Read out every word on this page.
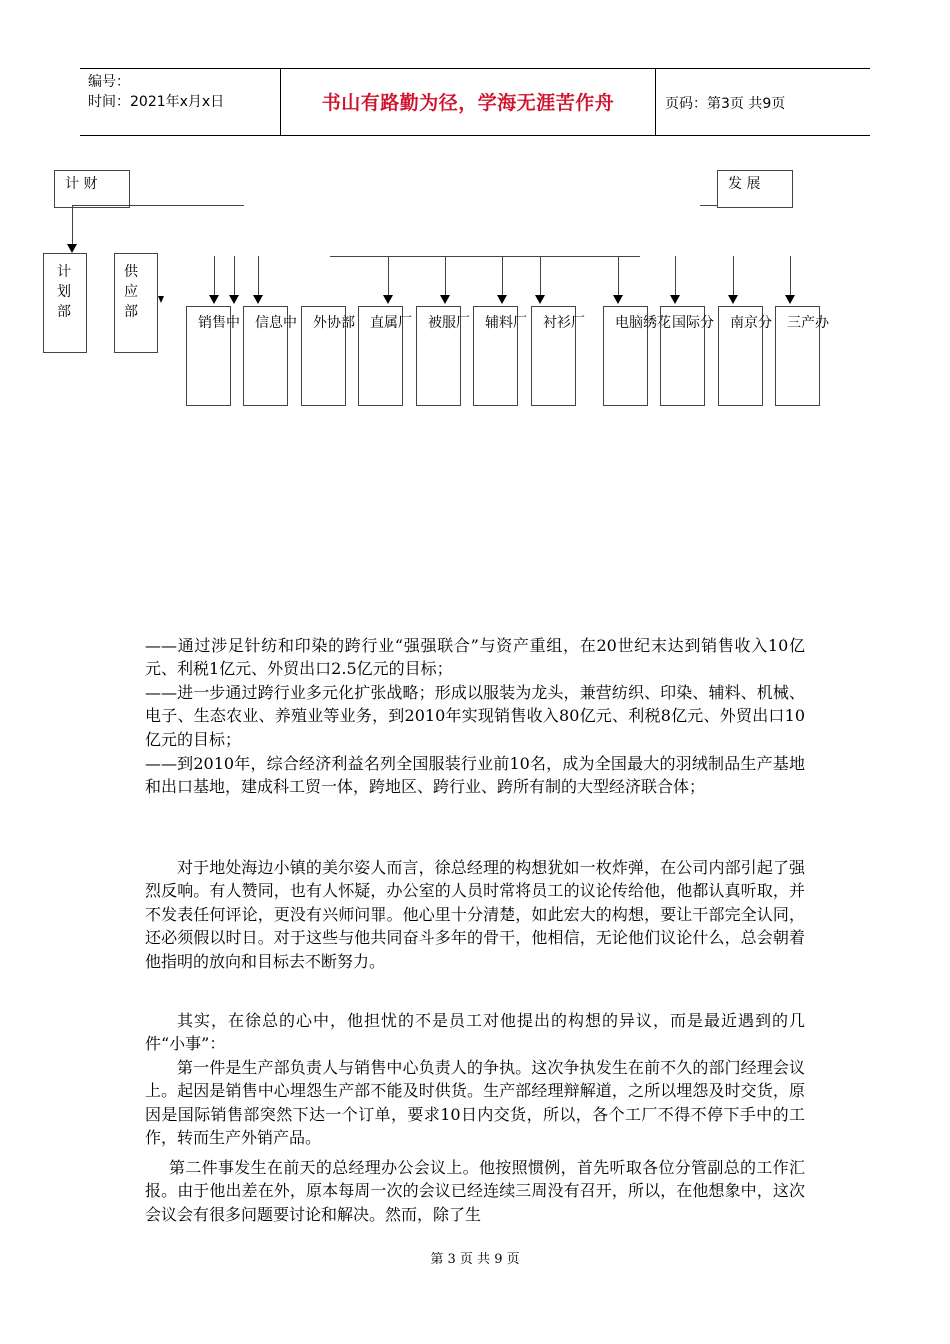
编号：
时间：2021年x月x日	书山有路勤为径，学海无涯苦作舟	页码：第3页 共9页
计 财	发 展
计
划
部
供
应
部
销售中 信息中 外协部 直属厂 被服厂 辅料厂 衬衫厂 电脑绣花 国际分 南京分 三产办
——通过涉足针纺和印染的跨行业“强强联合”与资产重组，在20世纪末达到销售收入10亿元、利税1亿元、外贸出口2.5亿元的目标；
——进一步通过跨行业多元化扩张战略；形成以服装为龙头，兼营纺织、印染、辅料、机械、电子、生态农业、养殖业等业务，到2010年实现销售收入80亿元、利税8亿元、外贸出口10亿元的目标；
——到2010年，综合经济利益名列全国服装行业前10名，成为全国最大的羽绒制品生产基地和出口基地，建成科工贸一体，跨地区、跨行业、跨所有制的大型经济联合体；
对于地处海边小镇的美尔姿人而言，徐总经理的构想犹如一枚炸弹，在公司内部引起了强烈反响。有人赞同，也有人怀疑，办公室的人员时常将员工的议论传给他，他都认真听取，并不发表任何评论，更没有兴师问罪。他心里十分清楚，如此宏大的构想，要让干部完全认同，还必须假以时日。对于这些与他共同奋斗多年的骨干，他相信，无论他们议论什么，总会朝着他指明的放向和目标去不断努力。
其实，在徐总的心中，他担忧的不是员工对他提出的构想的异议，而是最近遇到的几件“小事”：
第一件是生产部负责人与销售中心负责人的争执。这次争执发生在前不久的部门经理会议上。起因是销售中心埋怨生产部不能及时供货。生产部经理辩解道，之所以埋怨及时交货，原因是国际销售部突然下达一个订单，要求10日内交货，所以，各个工厂不得不停下手中的工作，转而生产外销产品。
第二件事发生在前天的总经理办公会议上。他按照惯例，首先听取各位分管副总的工作汇报。由于他出差在外，原本每周一次的会议已经连续三周没有召开，所以，在他想象中，这次会议会有很多问题要讨论和解决。然而，除了生
第 3 页 共 9 页
